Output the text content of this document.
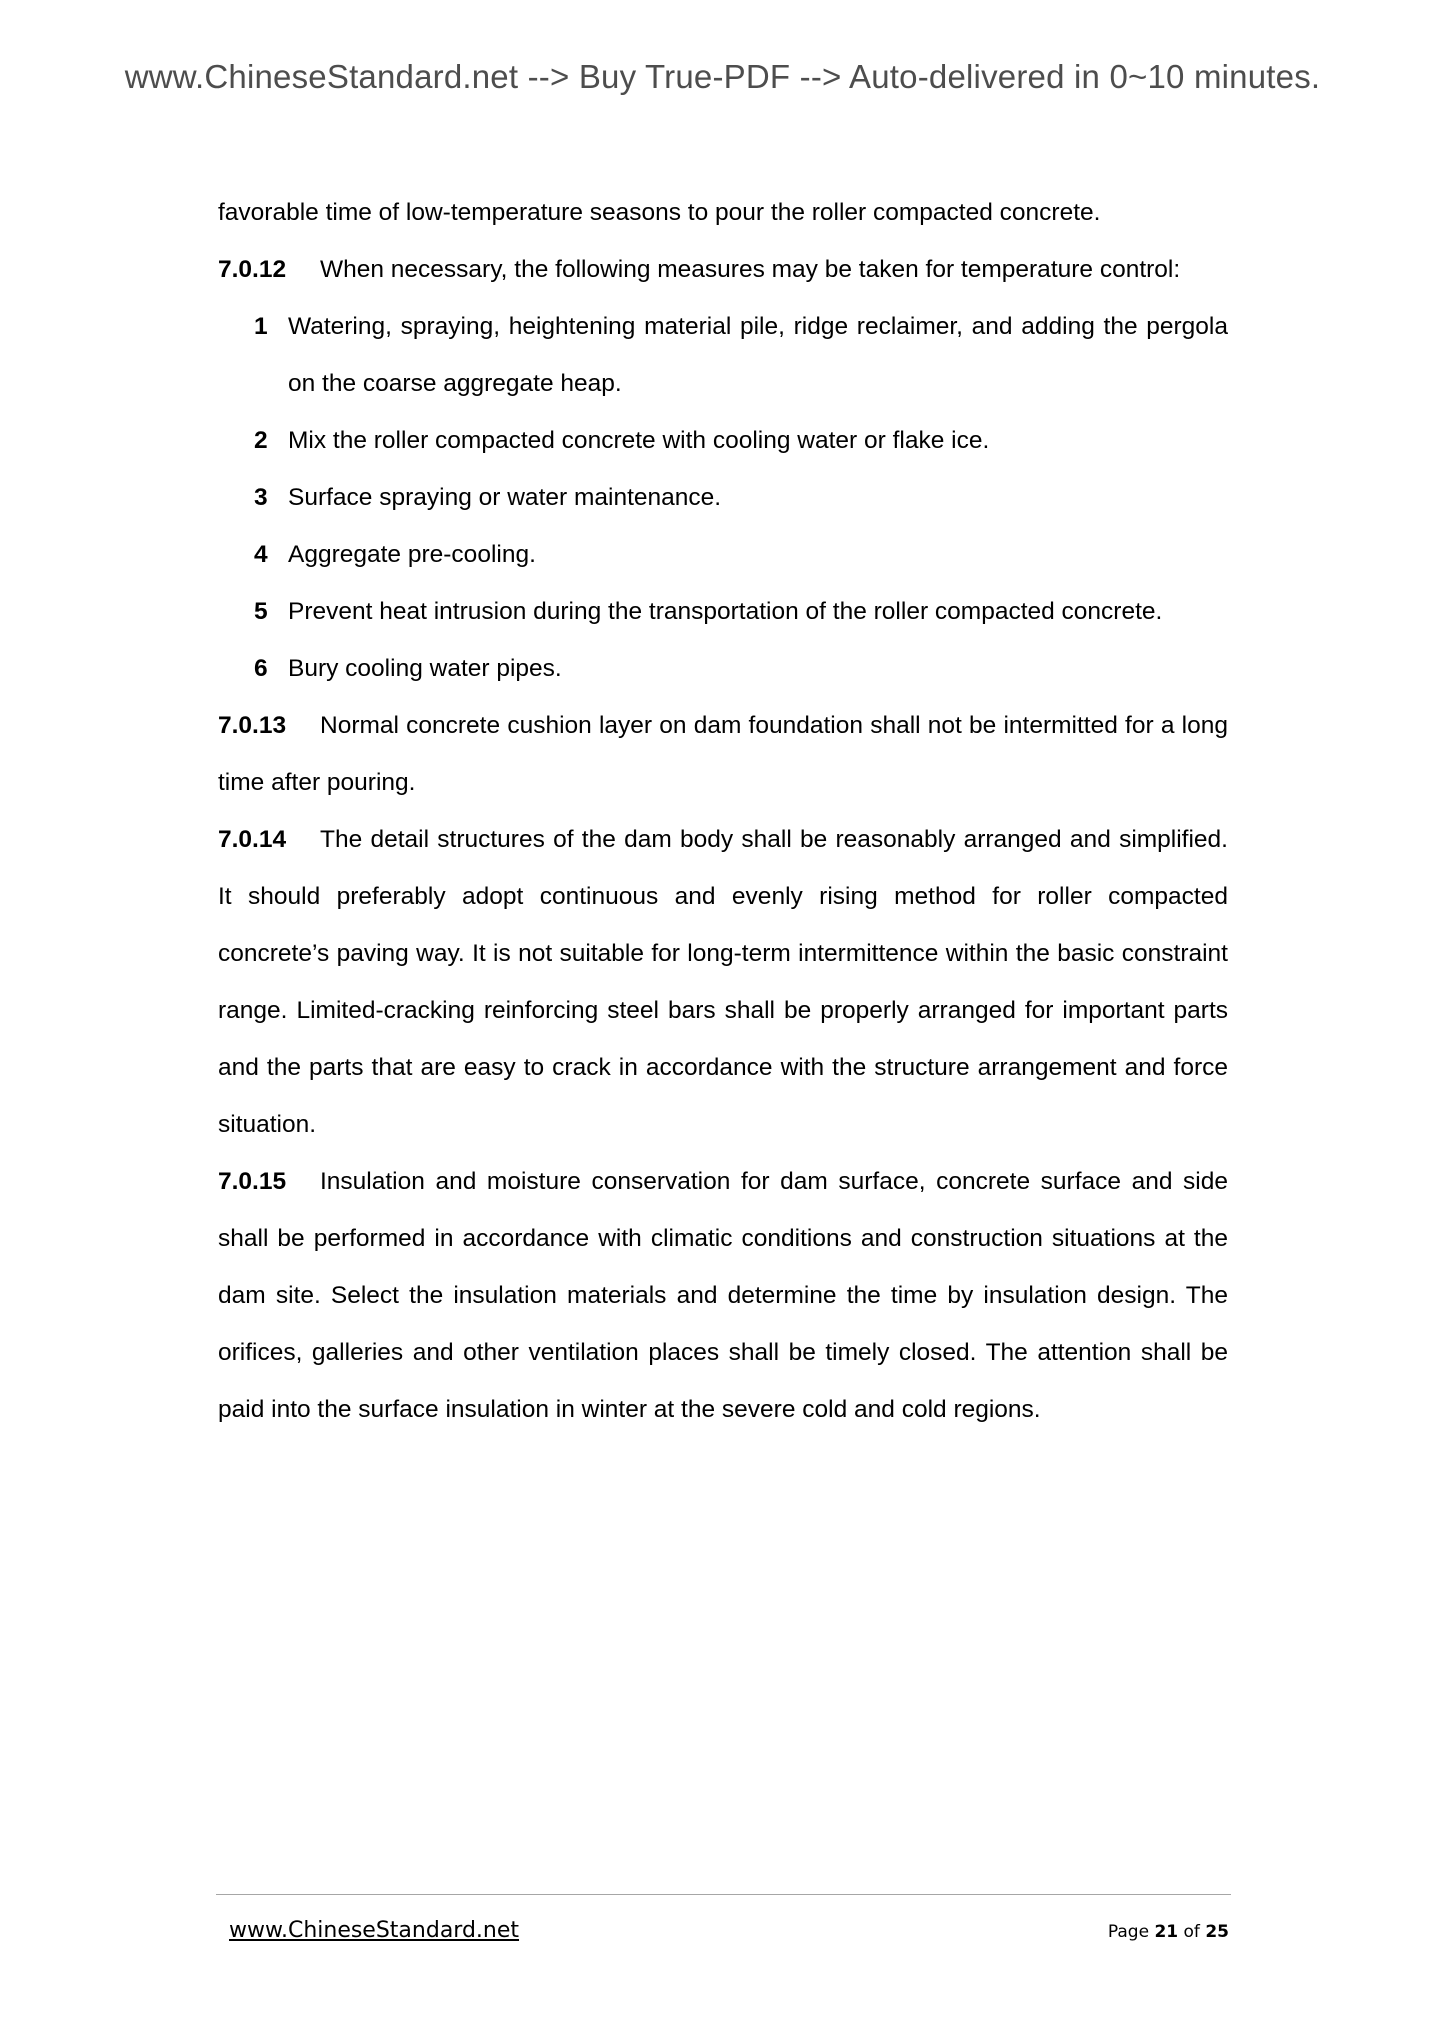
www.ChineseStandard.net --> Buy True-PDF --> Auto-delivered in 0~10 minutes.

favorable time of low-temperature seasons to pour the roller compacted concrete.

7.0.12 When necessary, the following measures may be taken for temperature control:

1 Watering, spraying, heightening material pile, ridge reclaimer, and adding the pergola on the coarse aggregate heap.
2 Mix the roller compacted concrete with cooling water or flake ice.
3 Surface spraying or water maintenance.
4 Aggregate pre-cooling.
5 Prevent heat intrusion during the transportation of the roller compacted concrete.
6 Bury cooling water pipes.

7.0.13 Normal concrete cushion layer on dam foundation shall not be intermitted for a long time after pouring.

7.0.14 The detail structures of the dam body shall be reasonably arranged and simplified. It should preferably adopt continuous and evenly rising method for roller compacted concrete’s paving way. It is not suitable for long-term intermittence within the basic constraint range. Limited-cracking reinforcing steel bars shall be properly arranged for important parts and the parts that are easy to crack in accordance with the structure arrangement and force situation.

7.0.15 Insulation and moisture conservation for dam surface, concrete surface and side shall be performed in accordance with climatic conditions and construction situations at the dam site. Select the insulation materials and determine the time by insulation design. The orifices, galleries and other ventilation places shall be timely closed. The attention shall be paid into the surface insulation in winter at the severe cold and cold regions.

www.ChineseStandard.net	Page 21 of 25
